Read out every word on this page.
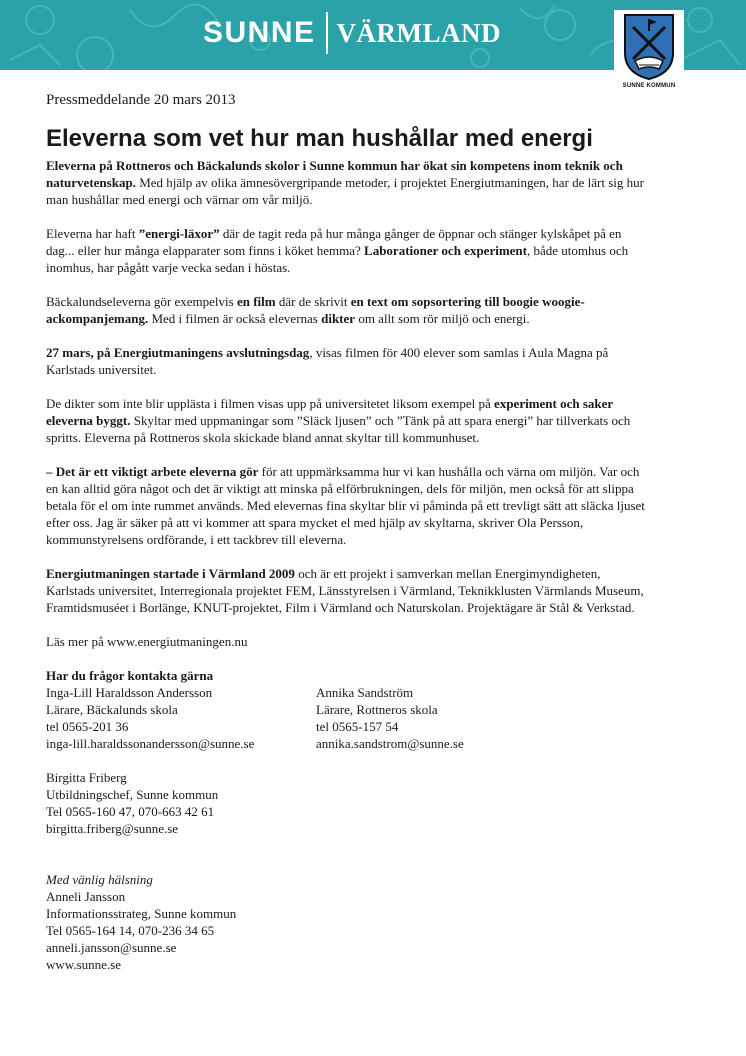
SUNNE VÄRMLAND
SUNNE KOMMUN

Pressmeddelande 20 mars 2013

Eleverna som vet hur man hushållar med energi

Eleverna på Rottneros och Bäckalunds skolor i Sunne kommun har ökat sin kompetens inom teknik och naturvetenskap. Med hjälp av olika ämnesövergripande metoder, i projektet Energiutmaningen, har de lärt sig hur man hushållar med energi och värnar om vår miljö.

Eleverna har haft ”energi-läxor” där de tagit reda på hur många gånger de öppnar och stänger kylskåpet på en dag... eller hur många elapparater som finns i köket hemma? Laborationer och experiment, både utomhus och inomhus, har pågått varje vecka sedan i höstas.

Bäckalundseleverna gör exempelvis en film där de skrivit en text om sopsortering till boogie woogie-ackompanjemang. Med i filmen är också elevernas dikter om allt som rör miljö och energi.

27 mars, på Energiutmaningens avslutningsdag, visas filmen för 400 elever som samlas i Aula Magna på Karlstads universitet.

De dikter som inte blir upplästa i filmen visas upp på universitetet liksom exempel på experiment och saker eleverna byggt. Skyltar med uppmaningar som ”Släck ljusen” och ”Tänk på att spara energi” har tillverkats och spritts. Eleverna på Rottneros skola skickade bland annat skyltar till kommunhuset.

– Det är ett viktigt arbete eleverna gör för att uppmärksamma hur vi kan hushålla och värna om miljön. Var och en kan alltid göra något och det är viktigt att minska på elförbrukningen, dels för miljön, men också för att slippa betala för el om inte rummet används. Med elevernas fina skyltar blir vi påminda på ett trevligt sätt att släcka ljuset efter oss. Jag är säker på att vi kommer att spara mycket el med hjälp av skyltarna, skriver Ola Persson, kommunstyrelsens ordförande, i ett tackbrev till eleverna.

Energiutmaningen startade i Värmland 2009 och är ett projekt i samverkan mellan Energimyndigheten, Karlstads universitet, Interregionala projektet FEM, Länsstyrelsen i Värmland, Teknikklusten Värmlands Museum, Framtidsmuséet i Borlänge, KNUT-projektet, Film i Värmland och Naturskolan. Projektägare är Stål & Verkstad.

Läs mer på www.energiutmaningen.nu

Har du frågor kontakta gärna
Inga-Lill Haraldsson Andersson
Lärare, Bäckalunds skola
tel 0565-201 36
inga-lill.haraldssonandersson@sunne.se
Annika Sandström
Lärare, Rottneros skola
tel 0565-157 54
annika.sandstrom@sunne.se
Birgitta Friberg
Utbildningschef, Sunne kommun
Tel 0565-160 47, 070-663 42 61
birgitta.friberg@sunne.se
Med vänlig hälsning
Anneli Jansson
Informationsstrateg, Sunne kommun
Tel 0565-164 14, 070-236 34 65
anneli.jansson@sunne.se
www.sunne.se
